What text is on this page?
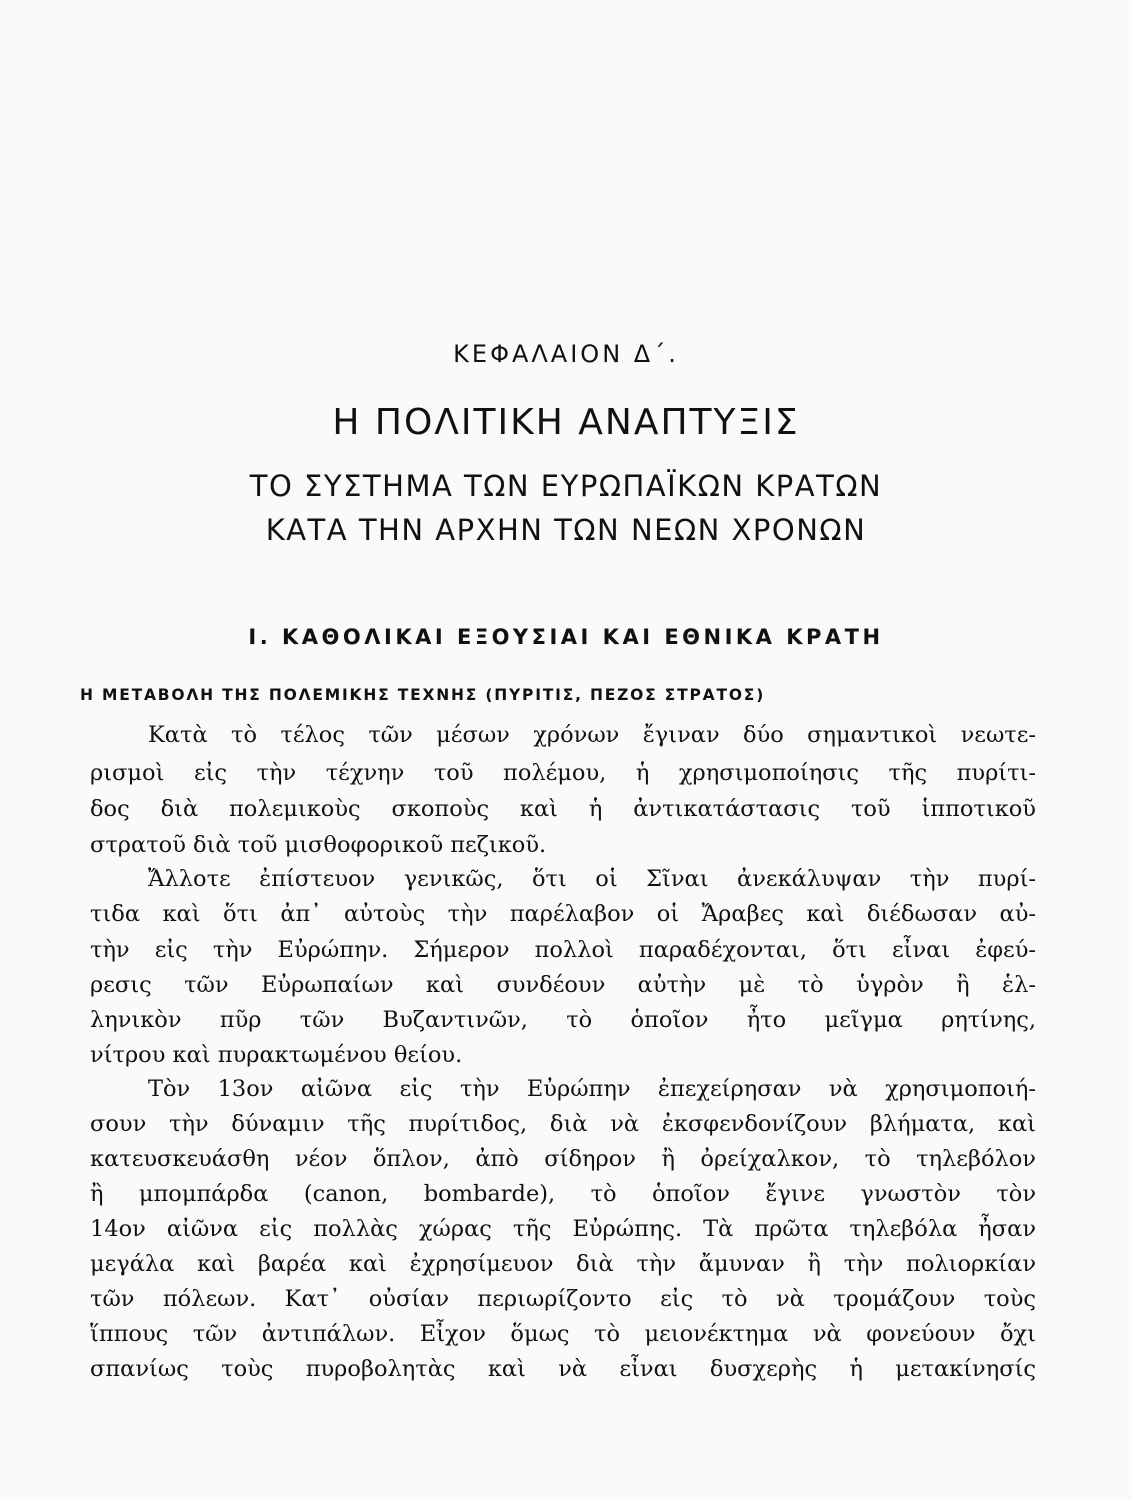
ΚΕΦΑΛΑΙΟΝ Δ΄.
Η ΠΟΛΙΤΙΚΗ ΑΝΑΠΤΥΞΙΣ
ΤΟ ΣΥΣΤΗΜΑ ΤΩΝ ΕΥΡΩΠΑΪΚΩΝ ΚΡΑΤΩΝ
ΚΑΤΑ ΤΗΝ ΑΡΧΗΝ ΤΩΝ ΝΕΩΝ ΧΡΟΝΩΝ
Ι. ΚΑΘΟΛΙΚΑΙ ΕΞΟΥΣΙΑΙ ΚΑΙ ΕΘΝΙΚΑ ΚΡΑΤΗ
Η ΜΕΤΑΒΟΛΗ ΤΗΣ ΠΟΛΕΜΙΚΗΣ ΤΕΧΝΗΣ (ΠΥΡΙΤΙΣ, ΠΕΖΟΣ ΣΤΡΑΤΟΣ)
Κατὰ τὸ τέλος τῶν μέσων χρόνων ἔγιναν δύο σημαντικοὶ νεωτε-
ρισμοὶ εἰς τὴν τέχνην τοῦ πολέμου, ἡ χρησιμοποίησις τῆς πυρίτι-
δος διὰ πολεμικοὺς σκοποὺς καὶ ἡ ἀντικατάστασις τοῦ ἱπποτικοῦ
στρατοῦ διὰ τοῦ μισθοφορικοῦ πεζικοῦ.
Ἄλλοτε ἐπίστευον γενικῶς, ὅτι οἱ Σῖναι ἀνεκάλυψαν τὴν πυρί-
τιδα καὶ ὅτι ἀπ᾿ αὐτοὺς τὴν παρέλαβον οἱ Ἄραβες καὶ διέδωσαν αὐ-
τὴν εἰς τὴν Εὐρώπην. Σήμερον πολλοὶ παραδέχονται, ὅτι εἶναι ἐφεύ-
ρεσις τῶν Εὐρωπαίων καὶ συνδέουν αὐτὴν μὲ τὸ ὑγρὸν ἢ ἑλ-
ληνικὸν πῦρ τῶν Βυζαντινῶν, τὸ ὁποῖον ἦτο μεῖγμα ρητίνης,
νίτρου καὶ πυρακτωμένου θείου.
Τὸν 13ον αἰῶνα εἰς τὴν Εὐρώπην ἐπεχείρησαν νὰ χρησιμοποιή-
σουν τὴν δύναμιν τῆς πυρίτιδος, διὰ νὰ ἐκσφενδονίζουν βλήματα, καὶ
κατευσκευάσθη νέον ὅπλον, ἀπὸ σίδηρον ἢ ὀρείχαλκον, τὸ τηλεβόλον
ἢ μπομπάρδα (canon, bombarde), τὸ ὁποῖον ἔγινε γνωστὸν τὸν
14ον αἰῶνα εἰς πολλὰς χώρας τῆς Εὐρώπης. Τὰ πρῶτα τηλεβόλα ἦσαν
μεγάλα καὶ βαρέα καὶ ἐχρησίμευον διὰ τὴν ἄμυναν ἢ τὴν πολιορκίαν
τῶν πόλεων. Κατ᾿ οὐσίαν περιωρίζοντο εἰς τὸ νὰ τρομάζουν τοὺς
ἵππους τῶν ἀντιπάλων. Εἶχον ὅμως τὸ μειονέκτημα νὰ φονεύουν ὄχι
σπανίως τοὺς πυροβολητὰς καὶ νὰ εἶναι δυσχερὴς ἡ μετακίνησίς
